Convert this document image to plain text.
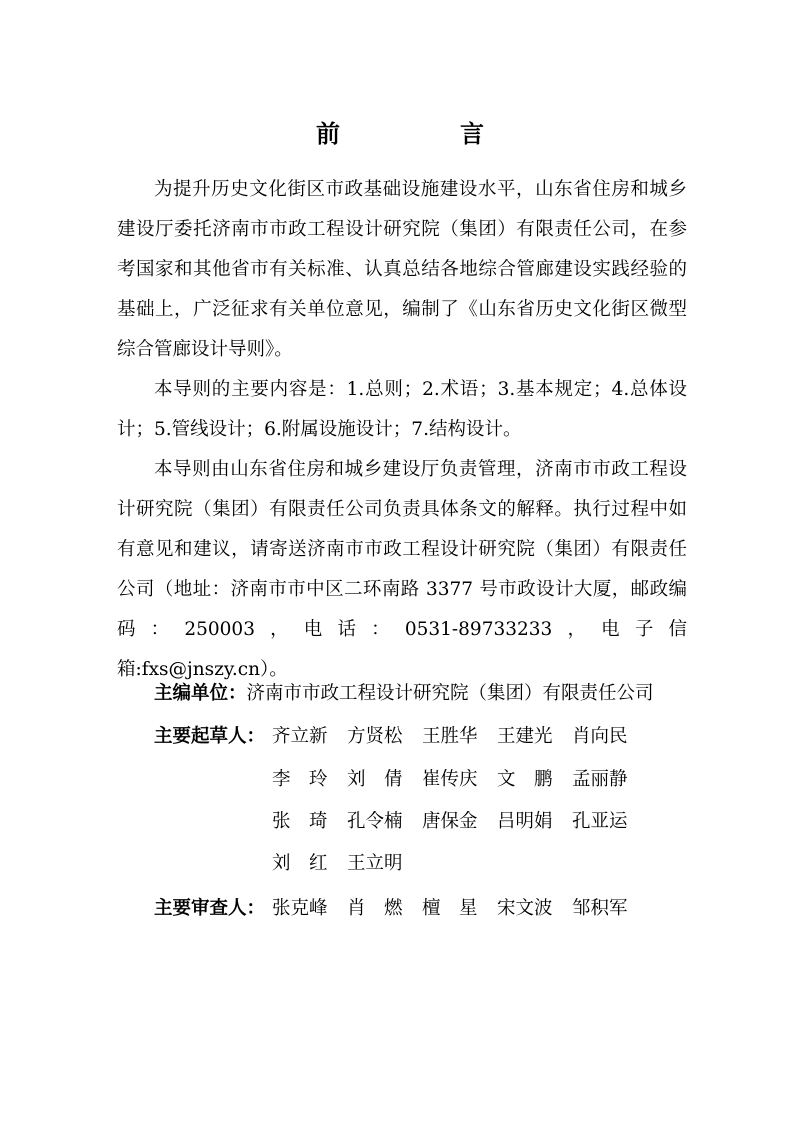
前　言

为提升历史文化街区市政基础设施建设水平，山东省住房和城乡建设厅委托济南市市政工程设计研究院（集团）有限责任公司，在参考国家和其他省市有关标准、认真总结各地综合管廊建设实践经验的基础上，广泛征求有关单位意见，编制了《山东省历史文化街区微型综合管廊设计导则》。

本导则的主要内容是：1.总则；2.术语；3.基本规定；4.总体设计；5.管线设计；6.附属设施设计；7.结构设计。

本导则由山东省住房和城乡建设厅负责管理，济南市市政工程设计研究院（集团）有限责任公司负责具体条文的解释。执行过程中如有意见和建议，请寄送济南市市政工程设计研究院（集团）有限责任公司（地址：济南市市中区二环南路 3377 号市政设计大厦，邮政编码：250003，电话：0531-89733233，电子信箱:fxs@jnszy.cn）。

主编单位：济南市市政工程设计研究院（集团）有限责任公司
主要起草人： 齐立新 方贤松 王胜华 王建光 肖向民
李　玲 刘　倩 崔传庆 文　鹏 孟丽静
张　琦 孔令楠 唐保金 吕明娟 孔亚运
刘　红 王立明
主要审查人： 张克峰 肖　燃 檀　星 宋文波 邹积军
